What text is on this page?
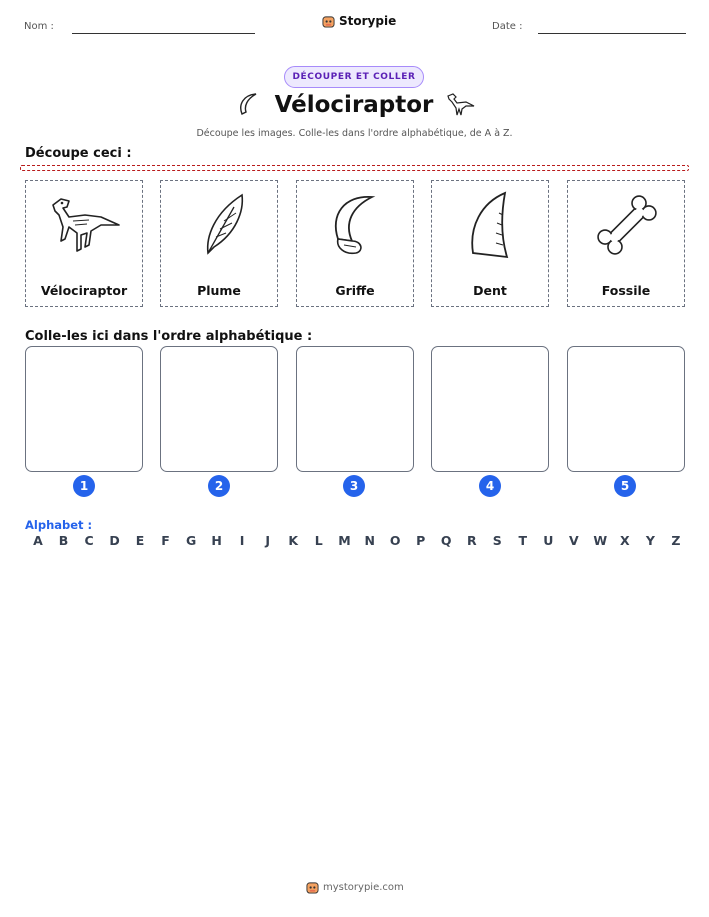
Nom :	Storypie	Date :
DÉCOUPER ET COLLER
Vélociraptor
Découpe les images. Colle-les dans l'ordre alphabétique, de A à Z.
Découpe ceci :
Vélociraptor	Plume	Griffe	Dent	Fossile
Colle-les ici dans l'ordre alphabétique :
1	2	3	4	5
Alphabet :
A B C D E F G H I J K L M N O P Q R S T U V W X Y Z
mystorypie.com
